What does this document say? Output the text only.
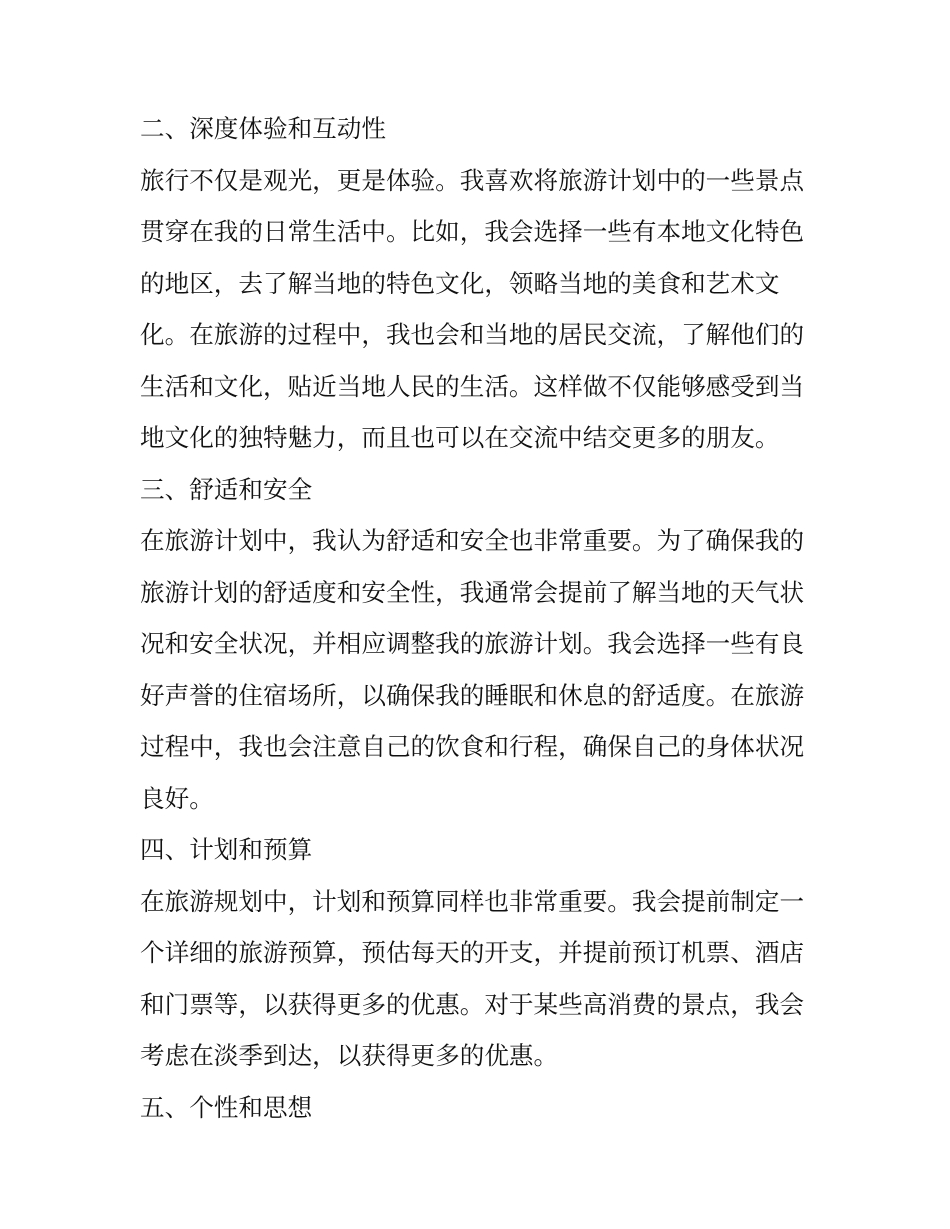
二、深度体验和互动性
旅行不仅是观光，更是体验。我喜欢将旅游计划中的一些景点
贯穿在我的日常生活中。比如，我会选择一些有本地文化特色
的地区，去了解当地的特色文化，领略当地的美食和艺术文
化。在旅游的过程中，我也会和当地的居民交流，了解他们的
生活和文化，贴近当地人民的生活。这样做不仅能够感受到当
地文化的独特魅力，而且也可以在交流中结交更多的朋友。
三、舒适和安全
在旅游计划中，我认为舒适和安全也非常重要。为了确保我的
旅游计划的舒适度和安全性，我通常会提前了解当地的天气状
况和安全状况，并相应调整我的旅游计划。我会选择一些有良
好声誉的住宿场所，以确保我的睡眠和休息的舒适度。在旅游
过程中，我也会注意自己的饮食和行程，确保自己的身体状况
良好。
四、计划和预算
在旅游规划中，计划和预算同样也非常重要。我会提前制定一
个详细的旅游预算，预估每天的开支，并提前预订机票、酒店
和门票等，以获得更多的优惠。对于某些高消费的景点，我会
考虑在淡季到达，以获得更多的优惠。
五、个性和思想
